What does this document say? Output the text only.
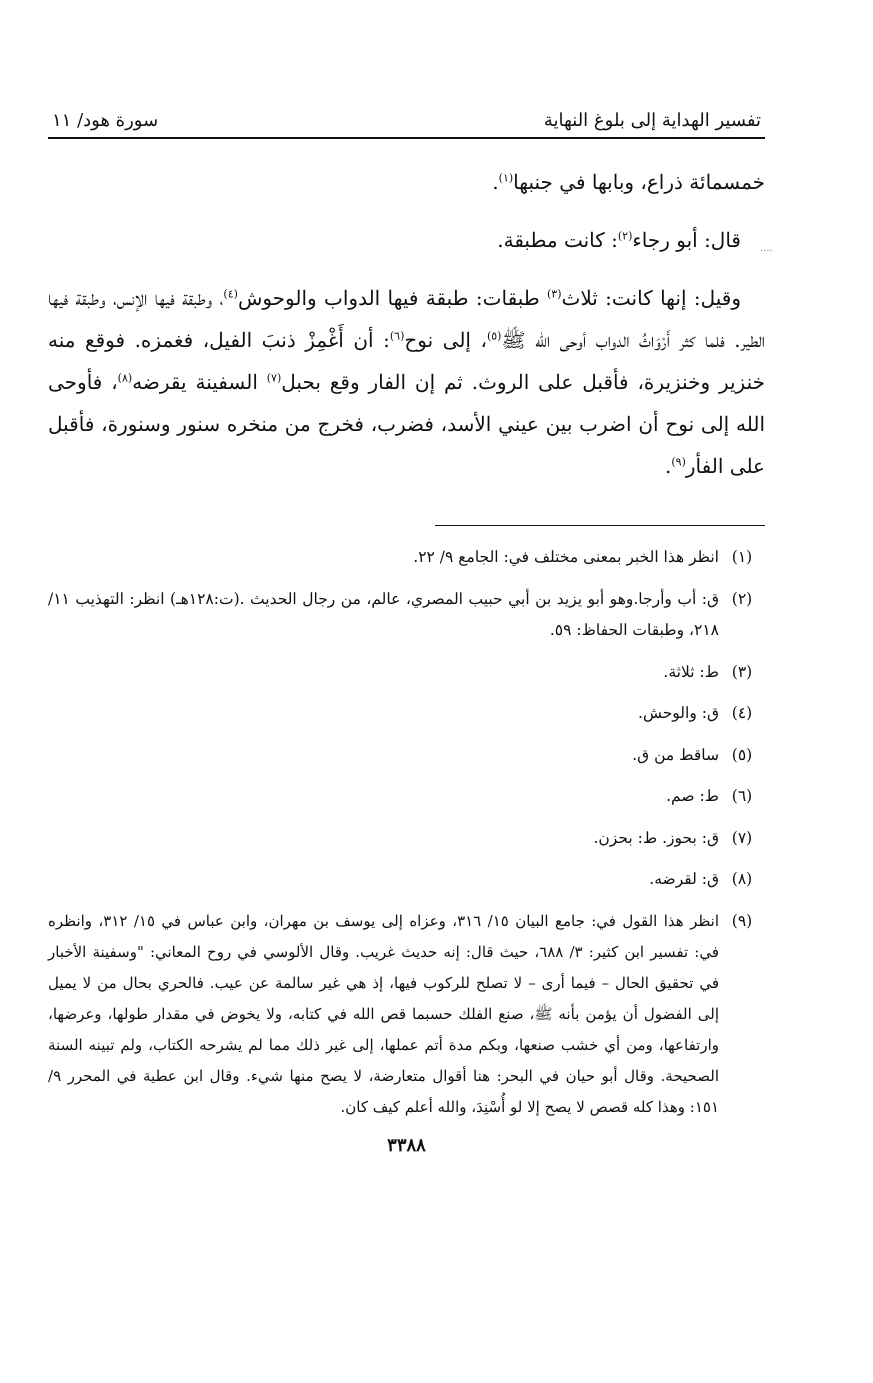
····
تفسير الهداية إلى بلوغ النهاية
سورة هود/ ١١

خمسمائة ذراع، وبابها في جنبها$^{(١)}$.

قال: أبو رجاء$^{(٢)}$: كانت مطبقة.

وقيل: إنها كانت: ثلاث$^{(٣)}$ طبقات: طبقة فيها الدواب والوحوش$^{(٤)}$، وطبقة فيها الإنس، وطبقة فيها الطير. فلما كثر أَرْوَاثُ الدواب أوحى الله ﷺ$^{(٥)}$، إلى نوح$^{(٦)}$: أن أَغْمِزْ ذنبَ الفيل، فغمزه. فوقع منه خنزير وخنزيرة، فأقبل على الروث. ثم إن الفار وقع بحبل$^{(٧)}$ السفينة يقرضه$^{(٨)}$، فأوحى الله إلى نوح أن اضرب بين عيني الأسد، فضرب، فخرج من منخره سنور وسنورة، فأقبل على الفأر$^{(٩)}$.

(١)
انظر هذا الخبر بمعنى مختلف في: الجامع ٩/ ٢٢.
(٢)
ق: أب وأرجا.وهو أبو يزيد بن أبي حبيب المصري، عالم، من رجال الحديث .(ت:١٢٨هـ) انظر: التهذيب ١١/ ٢١٨، وطبقات الحفاظ: ٥٩.
(٣)
ط: ثلاثة.
(٤)
ق: والوحش.
(٥)
ساقط من ق.
(٦)
ط: صم.
(٧)
ق: بحوز. ط: بحزن.
(٨)
ق: لقرضه.
(٩)
انظر هذا القول في: جامع البيان ١٥/ ٣١٦، وعزاه إلى يوسف بن مهران، وابن عباس في ١٥/ ٣١٢، وانظره في: تفسير ابن كثير: ٣/ ٦٨٨، حيث قال: إنه حديث غريب. وقال الألوسي في روح المعاني: "وسفينة الأخبار في تحقيق الحال – فيما أرى – لا تصلح للركوب فيها، إذ هي غير سالمة عن عيب. فالحري بحال من لا يميل إلى الفضول أن يؤمن بأنه ﷺ، صنع الفلك حسبما قص الله في كتابه، ولا يخوض في مقدار طولها، وعرضها، وارتفاعها، ومن أي خشب صنعها، وبكم مدة أتم عملها، إلى غير ذلك مما لم يشرحه الكتاب، ولم تبينه السنة الصحيحة. وقال أبو حيان في البحر: هنا أقوال متعارضة، لا يصح منها شيء. وقال ابن عطية في المحرر ٩/ ١٥١: وهذا كله قصص لا يصح إلا لو أُسْنِدَ، والله أعلم كيف كان.
٣٣٨٨
